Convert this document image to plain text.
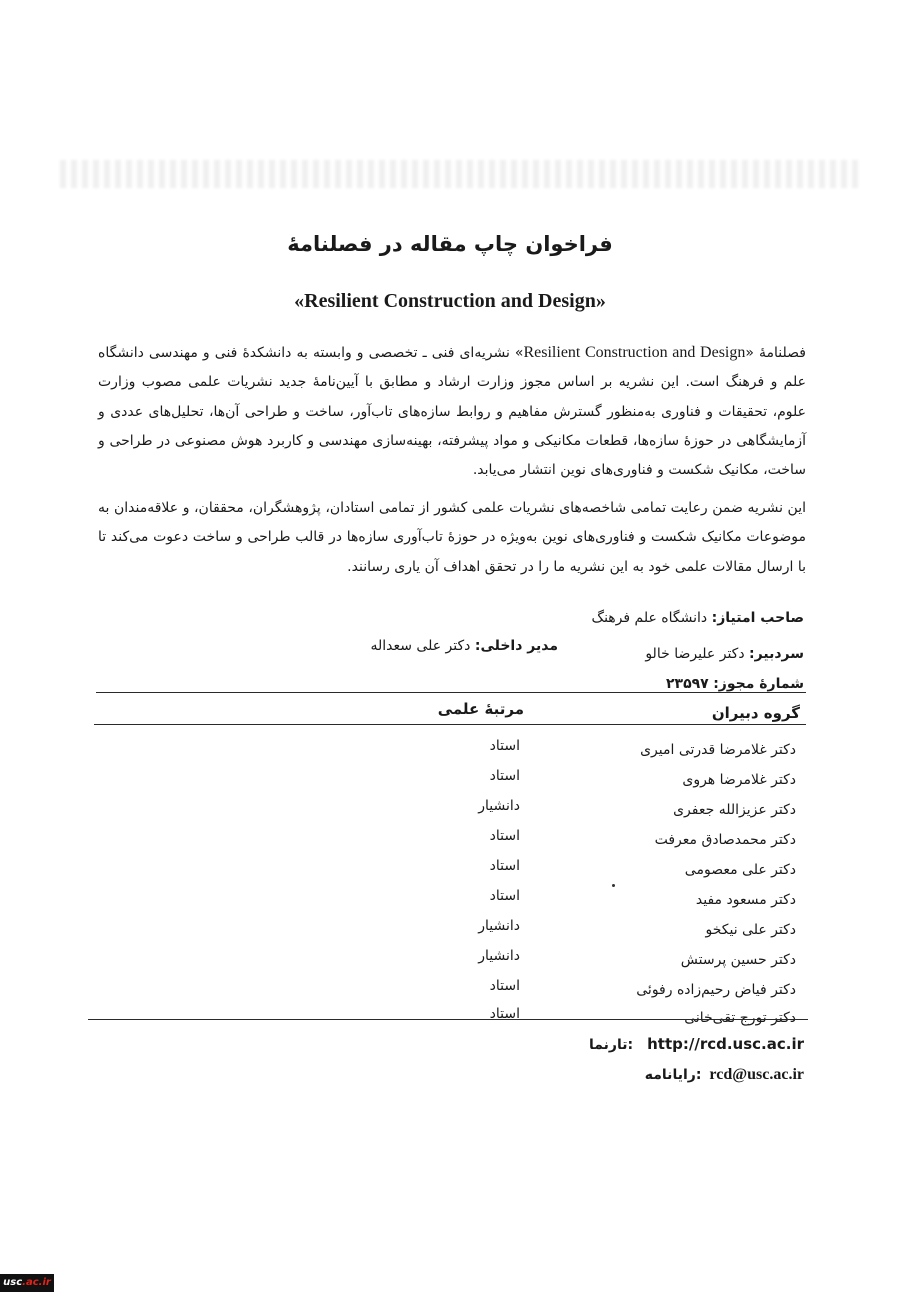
فراخوان چاپ مقاله در فصلنامهٔ
«Resilient Construction and Design»
فصلنامهٔ «Resilient Construction and Design» نشریه‌ای فنی ـ تخصصی و وابسته به دانشکدهٔ فنی و مهندسی دانشگاه علم و فرهنگ است. این نشریه بر اساس مجوز وزارت ارشاد و مطابق با آیین‌نامهٔ جدید نشریات علمی مصوب وزارت علوم، تحقیقات و فناوری به‌منظور گسترش مفاهیم و روابط سازه‌های تاب‌آور، ساخت و طراحی آن‌ها، تحلیل‌های عددی و آزمایشگاهی در حوزهٔ سازه‌ها، قطعات مکانیکی و مواد پیشرفته، بهینه‌سازی مهندسی و کاربرد هوش مصنوعی در طراحی و ساخت، مکانیک شکست و فناوری‌های نوین انتشار می‌یابد.
این نشریه ضمن رعایت تمامی شاخصه‌های نشریات علمی کشور از تمامی استادان، پژوهشگران، محققان، و علاقه‌مندان به موضوعات مکانیک شکست و فناوری‌های نوین به‌ویژه در حوزهٔ تاب‌آوری سازه‌ها در قالب طراحی و ساخت دعوت می‌کند تا با ارسال مقالات علمی خود به این نشریه ما را در تحقق اهداف آن یاری رسانند.
صاحب امتیاز: دانشگاه علم فرهنگ
سردبیر: دکتر علیرضا خالو
مدیر داخلی: دکتر علی سعداله
شمارهٔ مجوز: ۲۳۵۹۷
گروه دبیران
مرتبهٔ علمی
دکتر غلامرضا قدرتی امیری
استاد
دکتر غلامرضا هروی
استاد
دکتر عزیزالله جعفری
دانشیار
دکتر محمدصادق معرفت
استاد
دکتر علی معصومی
استاد
دکتر مسعود مفید
استاد
دکتر علی نیکخو
دانشیار
دکتر حسین پرستش
دانشیار
دکتر فیاض رحیم‌زاده رفوئی
استاد
دکتر تورج تقی‌خانی
استاد
تارنما: http://rcd.usc.ac.ir
رایانامه: rcd@usc.ac.ir
usc.ac.ir
